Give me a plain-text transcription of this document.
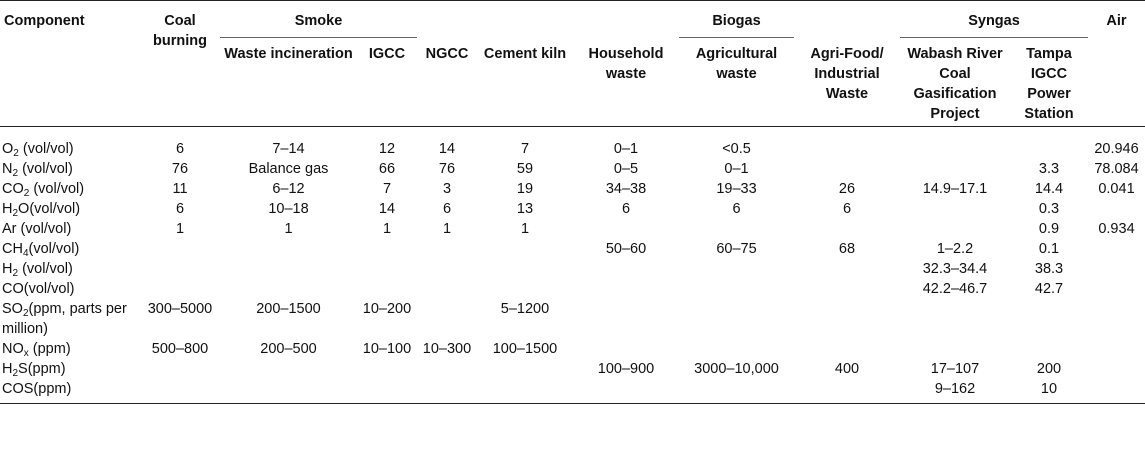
Component	Coal burning	Smoke					Biogas		Syngas		Air
		Waste incineration	IGCC	NGCC	Cement kiln	Household waste	Agricultural waste	Agri-Food/ Industrial Waste	Wabash River Coal Gasification Project	Tampa IGCC Power Station	

$O_2$ (vol/vol)	6	7–14	12	14	7	0–1	<0.5				20.946
$N_2$ (vol/vol)	76	Balance gas	66	76	59	0–5	0–1			3.3	78.084
$CO_2$ (vol/vol)	11	6–12	7	3	19	34–38	19–33	26	14.9–17.1	14.4	0.041
$H_2O(vol/vol)$	6	10–18	14	6	13	6	6	6		0.3	
Ar (vol/vol)	1	1	1	1	1					0.9	0.934
$CH_4(vol/vol)$						50–60	60–75	68	1–2.2	0.1	
$H_2$ (vol/vol)									32.3–34.4	38.3	
CO(vol/vol)									42.2–46.7	42.7	
$SO_2(ppm$, parts per million)	300–5000	200–1500	10–200		5–1200						
$NO_x$ (ppm)	500–800	200–500	10–100	10–300	100–1500						
$H_2S(ppm)$						100–900	3000–10,000	400	17–107	200	
COS(ppm)									9–162	10	
